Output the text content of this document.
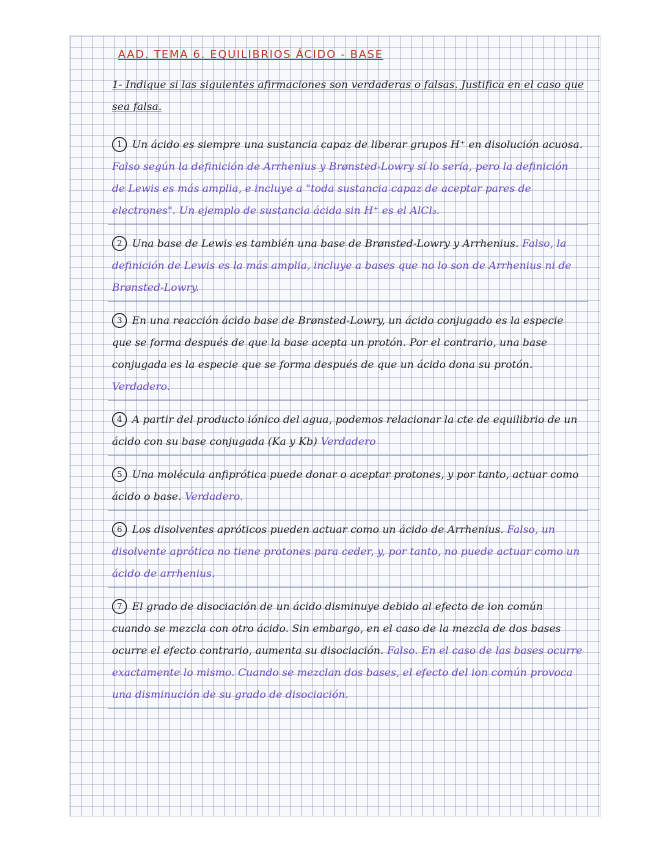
AAD. TEMA 6. EQUILIBRIOS ÁCIDO - BASE
1- Indique si las siguientes afirmaciones son verdaderas o falsas. Justifica en el caso que sea falsa.
1 Un ácido es siempre una sustancia capaz de liberar grupos H⁺ en disolución acuosa. Falso según la definición de Arrhenius y Brønsted-Lowry sí lo sería, pero la definición de Lewis es más amplia, e incluye a "toda sustancia capaz de aceptar pares de electrones". Un ejemplo de sustancia ácida sin H⁺ es el AlCl₃.
2 Una base de Lewis es también una base de Brønsted-Lowry y Arrhenius. Falso, la definición de Lewis es la más amplia, incluye a bases que no lo son de Arrhenius ni de Brønsted-Lowry.
3 En una reacción ácido base de Brønsted-Lowry, un ácido conjugado es la especie que se forma después de que la base acepta un protón. Por el contrario, una base conjugada es la especie que se forma después de que un ácido dona su protón. Verdadero.
4 A partir del producto iónico del agua, podemos relacionar la cte de equilibrio de un ácido con su base conjugada (Ka y Kb) Verdadero
5 Una molécula anfiprótica puede donar o aceptar protones, y por tanto, actuar como ácido o base. Verdadero.
6 Los disolventes apróticos pueden actuar como un ácido de Arrhenius. Falso, un disolvente aprótico no tiene protones para ceder, y, por tanto, no puede actuar como un ácido de arrhenius.
7 El grado de disociación de un ácido disminuye debido al efecto de ion común cuando se mezcla con otro ácido. Sin embargo, en el caso de la mezcla de dos bases ocurre el efecto contrario, aumenta su disociación. Falso. En el caso de las bases ocurre exactamente lo mismo. Cuando se mezclan dos bases, el efecto del ion común provoca una disminución de su grado de disociación.
